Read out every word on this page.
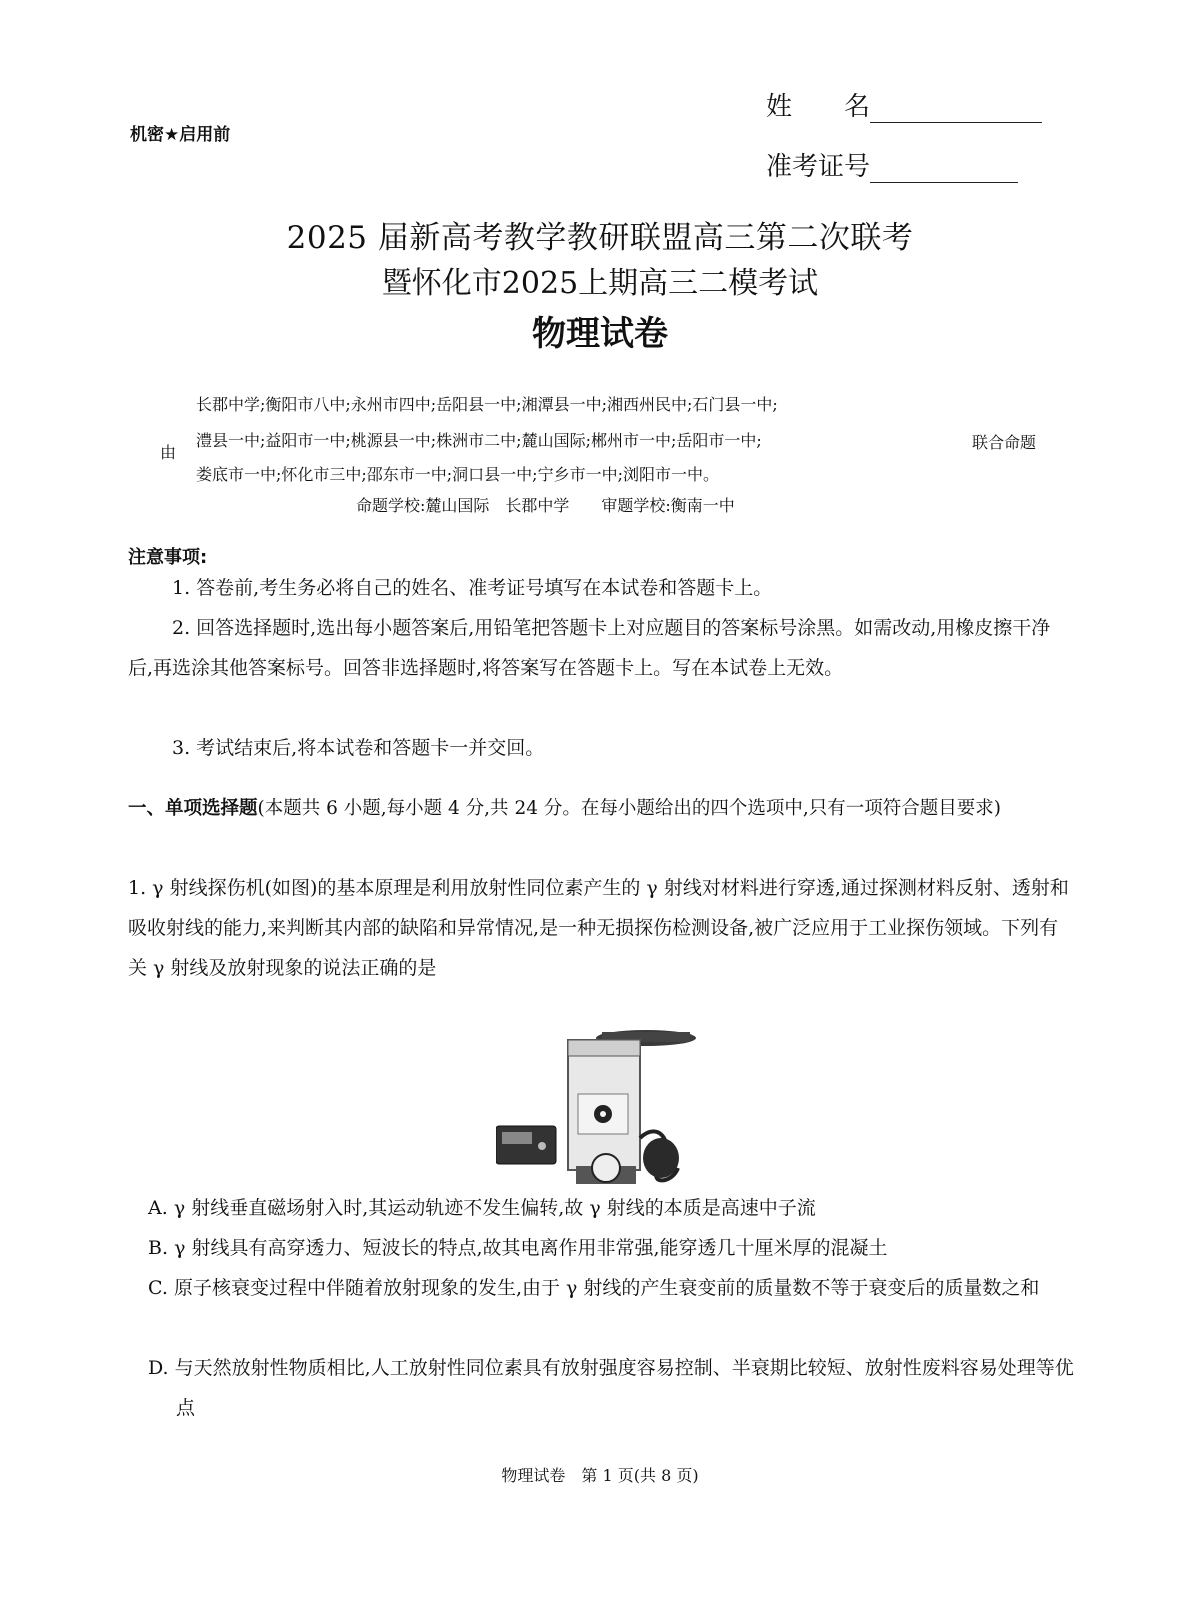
机密★启用前
姓　　名
准考证号
2025 届新高考教学教研联盟高三第二次联考
暨怀化市2025上期高三二模考试
物理试卷
长郡中学;衡阳市八中;永州市四中;岳阳县一中;湘潭县一中;湘西州民中;石门县一中;
由
澧县一中;益阳市一中;桃源县一中;株洲市二中;麓山国际;郴州市一中;岳阳市一中;	联合命题
娄底市一中;怀化市三中;邵东市一中;洞口县一中;宁乡市一中;浏阳市一中。
命题学校:麓山国际　长郡中学　　审题学校:衡南一中
注意事项:
1. 答卷前,考生务必将自己的姓名、准考证号填写在本试卷和答题卡上。
2. 回答选择题时,选出每小题答案后,用铅笔把答题卡上对应题目的答案标号涂黑。如需改动,用橡皮擦干净后,再选涂其他答案标号。回答非选择题时,将答案写在答题卡上。写在本试卷上无效。
3. 考试结束后,将本试卷和答题卡一并交回。
一、单项选择题(本题共 6 小题,每小题 4 分,共 24 分。在每小题给出的四个选项中,只有一项符合题目要求)
1. γ 射线探伤机(如图)的基本原理是利用放射性同位素产生的 γ 射线对材料进行穿透,通过探测材料反射、透射和吸收射线的能力,来判断其内部的缺陷和异常情况,是一种无损探伤检测设备,被广泛应用于工业探伤领域。下列有关 γ 射线及放射现象的说法正确的是
A. γ 射线垂直磁场射入时,其运动轨迹不发生偏转,故 γ 射线的本质是高速中子流
B. γ 射线具有高穿透力、短波长的特点,故其电离作用非常强,能穿透几十厘米厚的混凝土
C. 原子核衰变过程中伴随着放射现象的发生,由于 γ 射线的产生衰变前的质量数不等于衰变后的质量数之和
D. 与天然放射性物质相比,人工放射性同位素具有放射强度容易控制、半衰期比较短、放射性废料容易处理等优点
物理试卷　第 1 页(共 8 页)
